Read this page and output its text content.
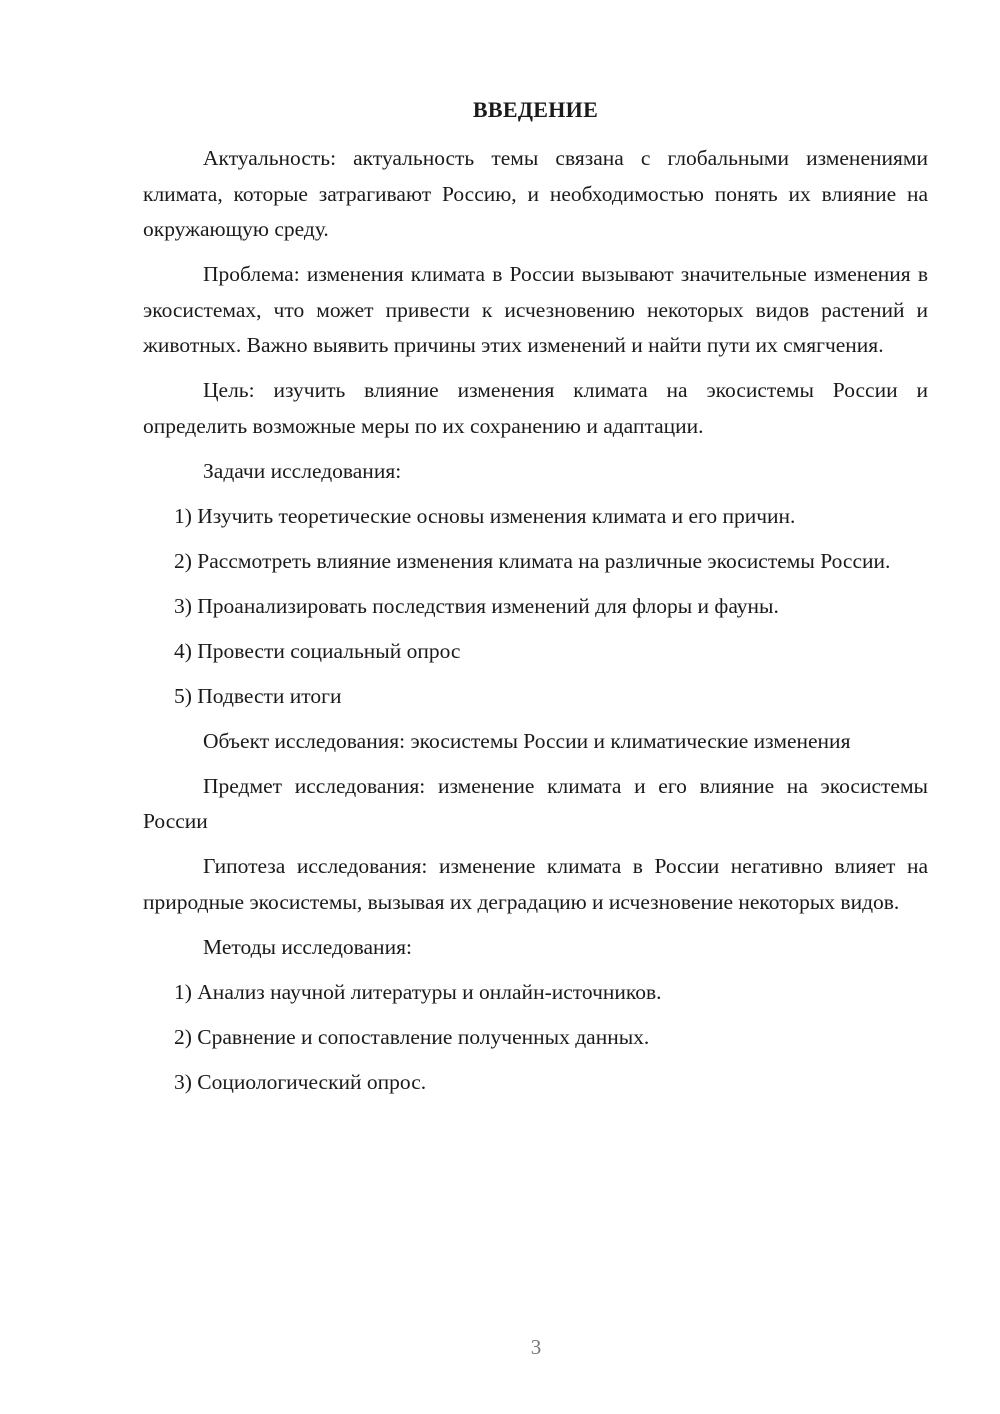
ВВЕДЕНИЕ

Актуальность: актуальность темы связана с глобальными изменениями климата, которые затрагивают Россию, и необходимостью понять их влияние на окружающую среду.

Проблема: изменения климата в России вызывают значительные изменения в экосистемах, что может привести к исчезновению некоторых видов растений и животных. Важно выявить причины этих изменений и найти пути их смягчения.

Цель: изучить влияние изменения климата на экосистемы России и определить возможные меры по их сохранению и адаптации.

Задачи исследования:

1) Изучить теоретические основы изменения климата и его причин.

2) Рассмотреть влияние изменения климата на различные экосистемы России.

3) Проанализировать последствия изменений для флоры и фауны.

4) Провести социальный опрос

5) Подвести итоги

Объект исследования: экосистемы России и климатические изменения

Предмет исследования: изменение климата и его влияние на экосистемы России

Гипотеза исследования: изменение климата в России негативно влияет на природные экосистемы, вызывая их деградацию и исчезновение некоторых видов.

Методы исследования:

1) Анализ научной литературы и онлайн-источников.

2) Сравнение и сопоставление полученных данных.

3) Социологический опрос.

3
